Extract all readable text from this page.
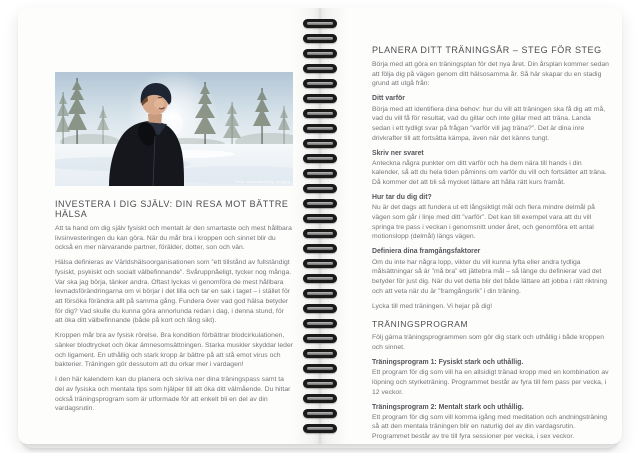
Foto: andreas/Getty Images
INVESTERA I DIG SJÄLV: DIN RESA MOT BÄTTRE HÄLSA

Att ta hand om dig själv fysiskt och mentalt är den smartaste och mest hållbara livsinvesteringen du kan göra. När du mår bra i kroppen och sinnet blir du också en mer närvarande partner, förälder, dotter, son och vän.

Hälsa definieras av Världshälsoorganisationen som ”ett tillstånd av fullständigt fysiskt, psykiskt och socialt välbefinnande”. Svåruppnåeligt, tycker nog många. Var ska jag börja, tänker andra. Oftast lyckas vi genomföra de mest hållbara levnadsförändringarna om vi börjar i det lilla och tar en sak i taget – i stället för att försöka förändra allt på samma gång. Fundera över vad god hälsa betyder för dig? Vad skulle du kunna göra annorlunda redan i dag, i denna stund, för att öka ditt välbefinnande (både på kort och lång sikt).

Kroppen mår bra av fysisk rörelse. Bra kondition förbättrar blodcirkulationen, sänker blodtrycket och ökar ämnesomsättningen. Starka muskler skyddar leder och ligament. En uthållig och stark kropp är bättre på att stå emot virus och bakterier. Träningen gör dessutom att du orkar mer i vardagen!

I den här kalendern kan du planera och skriva ner dina träningspass samt ta del av fysiska och mentala tips som hjälper till att öka ditt välmående. Du hittar också träningsprogram som är utformade för att enkelt bli en del av din vardagsrutin.

PLANERA DITT TRÄNINGSÅR – STEG FÖR STEG

Börja med att göra en träningsplan för det nya året. Din årsplan kommer sedan att följa dig på vägen genom ditt hälsosamma år. Så här skapar du en stadig grund att utgå från:

Ditt varför

Börja med att identifiera dina behov: hur du vill att träningen ska få dig att må, vad du vill få för resultat, vad du gillar och inte gillar med att träna. Landa sedan i ett tydligt svar på frågan ”varför vill jag träna?”. Det är dina inre drivkrafter till att fortsätta kämpa, även när det känns tungt.

Skriv ner svaret

Anteckna några punkter om ditt varför och ha dem nära till hands i din kalender, så att du hela tiden påminns om varför du vill och fortsätter att träna. Då kommer det att bli så mycket lättare att hålla rätt kurs framåt.

Hur tar du dig dit?

Nu är det dags att fundera ut ett långsiktigt mål och flera mindre delmål på vägen som går i linje med ditt ”varför”. Det kan till exempel vara att du vill springa tre pass i veckan i genomsnitt under året, och genomföra ett antal motionslopp (delmål) längs vägen.

Definiera dina framgångsfaktorer

Om du inte har några lopp, vikter du vill kunna lyfta eller andra tydliga målsättningar så är ”må bra” ett jättebra mål – så länge du definierar vad det betyder för just dig. När du vet detta blir det både lättare att jobba i rätt riktning och att veta när du är ”framgångsrik” i din träning.

Lycka till med träningen. Vi hejar på dig!

TRÄNINGSPROGRAM

Följ gärna träningsprogrammen som gör dig stark och uthållig i både kroppen och sinnet.

Träningsprogram 1: Fysiskt stark och uthållig.

Ett program för dig som vill ha en allsidigt tränad kropp med en kombination av löpning och styrketräning. Programmet består av fyra till fem pass per vecka, i 12 veckor.

Träningsprogram 2: Mentalt stark och uthållig.

Ett program för dig som vill komma igång med meditation och andningsträning så att den mentala träningen blir en naturlig del av din vardagsrutin. Programmet består av tre till fyra sessioner per vecka, i sex veckor.
